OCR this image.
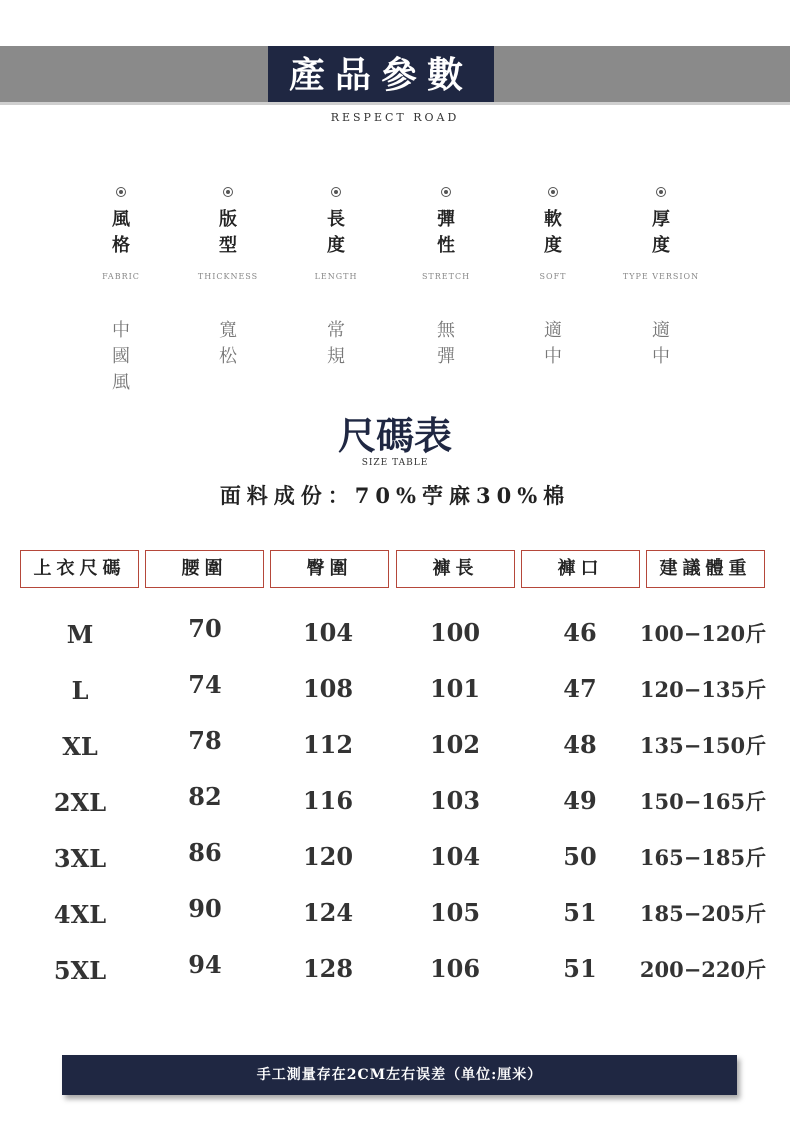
產品參數
RESPECT ROAD
風格
FABRIC
中國風
版型
THICKNESS
寬松
長度
LENGTH
常規
彈性
STRETCH
無彈
軟度
SOFT
適中
厚度
TYPE VERSION
適中
尺碼表
SIZE TABLE
面料成份：70%苧麻30%棉
上衣尺碼	腰圍	臀圍	褲長	褲口	建議體重
M	70	104	100	46 100−120斤
L	74	108	101	47 120−135斤
XL	78	112	102	48 135−150斤
2XL	82	116	103	49 150−165斤
3XL	86	120	104	50 165−185斤
4XL	90	124	105	51 185−205斤
5XL	94	128	106	51 200−220斤
手工測量存在2CM左右误差（单位:厘米）
